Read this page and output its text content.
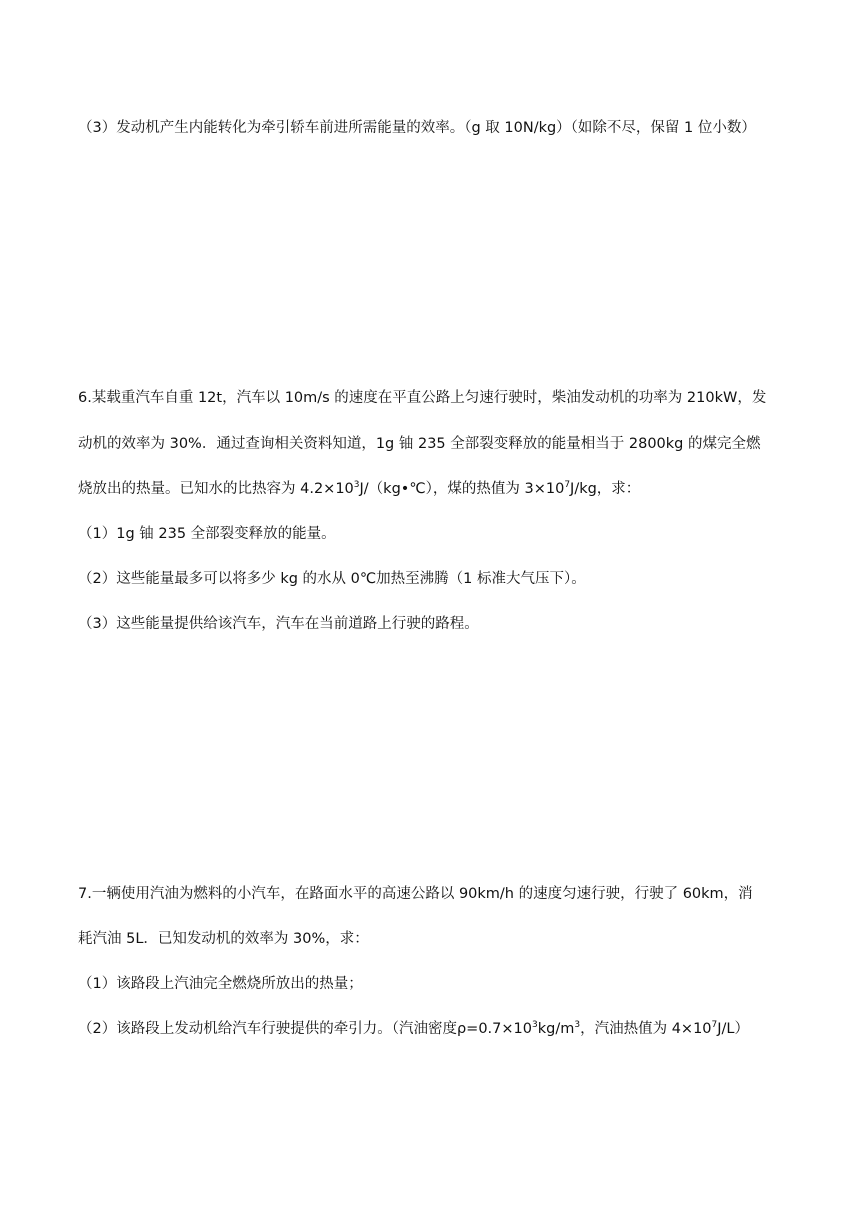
（3）发动机产生内能转化为牵引轿车前进所需能量的效率。（g 取 10N/kg）（如除不尽，保留 1 位小数）
6.某载重汽车自重 12t，汽车以 10m/s 的速度在平直公路上匀速行驶时，柴油发动机的功率为 210kW，发
动机的效率为 30%．通过查询相关资料知道，1g 铀 235 全部裂变释放的能量相当于 2800kg 的煤完全燃
烧放出的热量。已知水的比热容为 $4.2\times 10^3J/(kg•℃)$，煤的热值为 $3\times 10^7J/kg$，求：
（1）1g 铀 235 全部裂变释放的能量。
（2）这些能量最多可以将多少 kg 的水从 0℃加热至沸腾（1 标准大气压下）。
（3）这些能量提供给该汽车，汽车在当前道路上行驶的路程。
7.一辆使用汽油为燃料的小汽车，在路面水平的高速公路以 90km/h 的速度匀速行驶，行驶了 60km，消
耗汽油 5L．已知发动机的效率为 30%，求：
（1）该路段上汽油完全燃烧所放出的热量；
（2）该路段上发动机给汽车行驶提供的牵引力。（汽油密度$\rho=0.7\times 10^3kg/m^3$，汽油热值为 $4\times 10^7J/L$）
